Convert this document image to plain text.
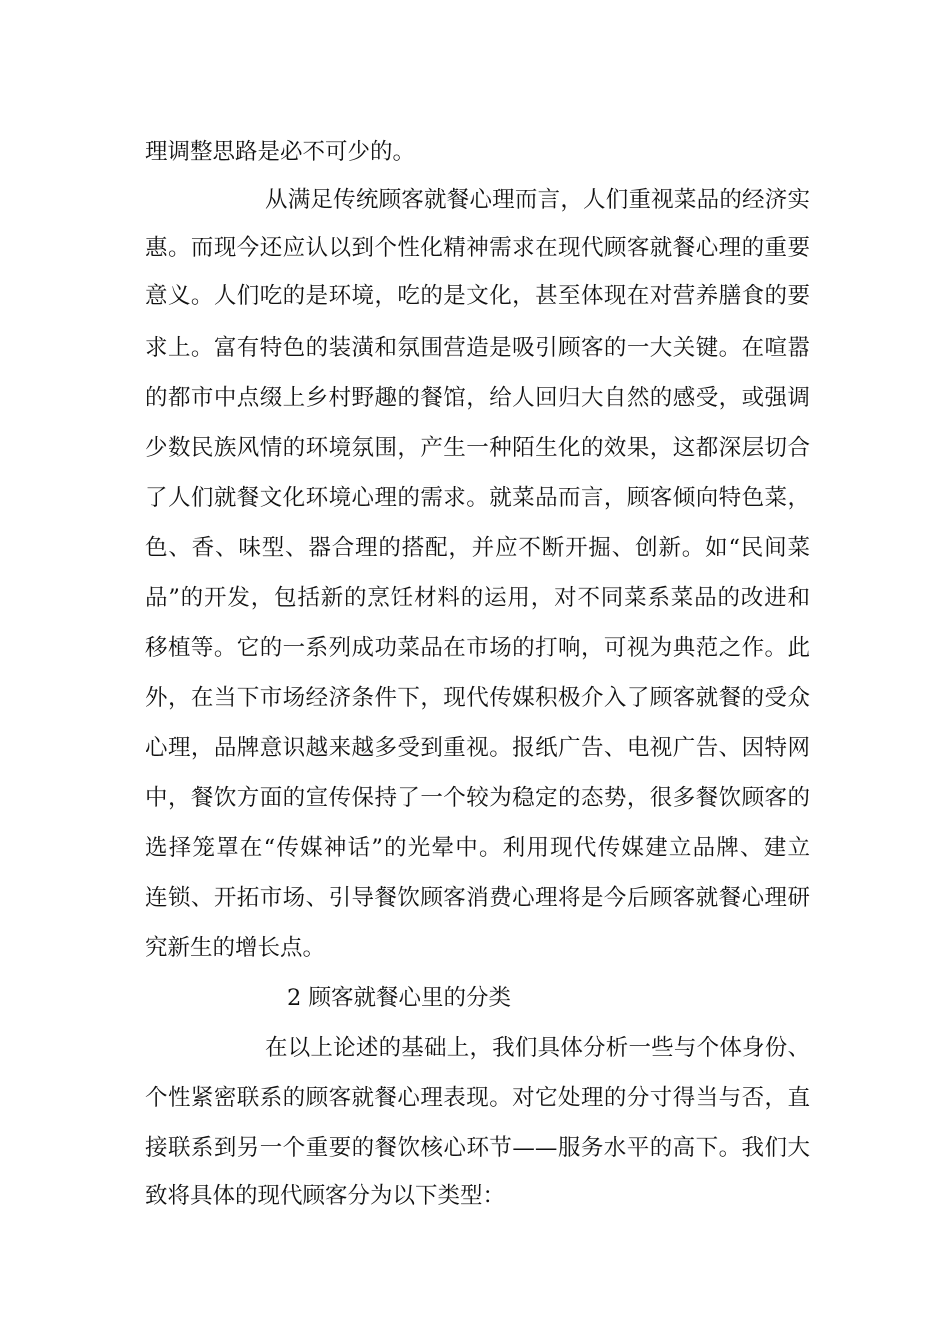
理调整思路是必不可少的。
从满足传统顾客就餐心理而言，人们重视菜品的经济实
惠。而现今还应认以到个性化精神需求在现代顾客就餐心理的重要
意义。人们吃的是环境，吃的是文化，甚至体现在对营养膳食的要
求上。富有特色的装潢和氛围营造是吸引顾客的一大关键。在喧嚣
的都市中点缀上乡村野趣的餐馆，给人回归大自然的感受，或强调
少数民族风情的环境氛围，产生一种陌生化的效果，这都深层切合
了人们就餐文化环境心理的需求。就菜品而言，顾客倾向特色菜，
色、香、味型、器合理的搭配，并应不断开掘、创新。如“民间菜
品”的开发，包括新的烹饪材料的运用，对不同菜系菜品的改进和
移植等。它的一系列成功菜品在市场的打响，可视为典范之作。此
外，在当下市场经济条件下，现代传媒积极介入了顾客就餐的受众
心理，品牌意识越来越多受到重视。报纸广告、电视广告、因特网
中，餐饮方面的宣传保持了一个较为稳定的态势，很多餐饮顾客的
选择笼罩在“传媒神话”的光晕中。利用现代传媒建立品牌、建立
连锁、开拓市场、引导餐饮顾客消费心理将是今后顾客就餐心理研
究新生的增长点。
2 顾客就餐心里的分类
在以上论述的基础上，我们具体分析一些与个体身份、
个性紧密联系的顾客就餐心理表现。对它处理的分寸得当与否，直
接联系到另一个重要的餐饮核心环节——服务水平的高下。我们大
致将具体的现代顾客分为以下类型：
